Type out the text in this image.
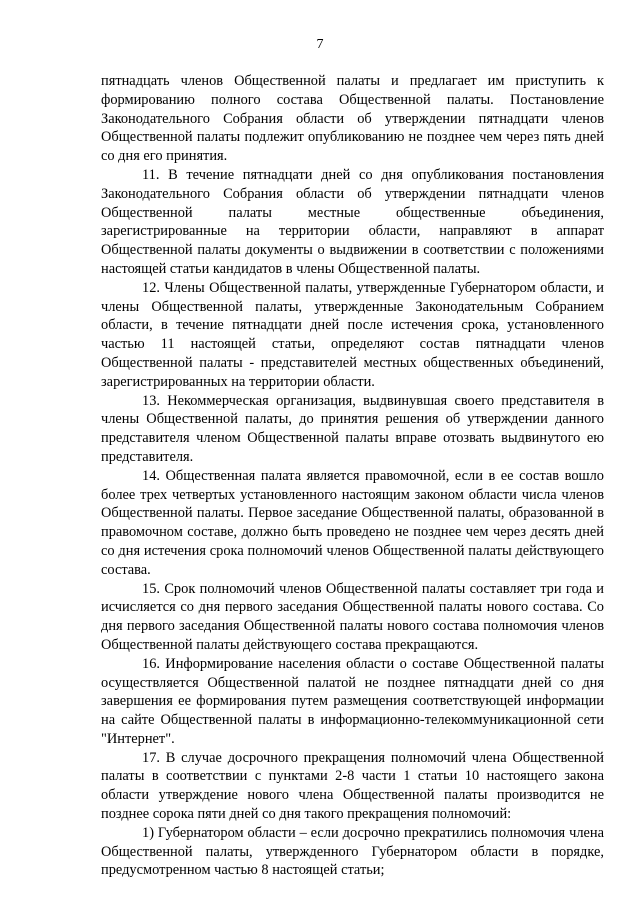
7

пятнадцать членов Общественной палаты и предлагает им приступить к формированию полного состава Общественной палаты. Постановление Законодательного Собрания области об утверждении пятнадцати членов Общественной палаты подлежит опубликованию не позднее чем через пять дней со дня его принятия.

11. В течение пятнадцати дней со дня опубликования постановления Законодательного Собрания области об утверждении пятнадцати членов Общественной палаты местные общественные объединения, зарегистрированные на территории области, направляют в аппарат Общественной палаты документы о выдвижении в соответствии с положениями настоящей статьи кандидатов в члены Общественной палаты.

12. Члены Общественной палаты, утвержденные Губернатором области, и члены Общественной палаты, утвержденные Законодательным Собранием области, в течение пятнадцати дней после истечения срока, установленного частью 11 настоящей статьи, определяют состав пятнадцати членов Общественной палаты - представителей местных общественных объединений, зарегистрированных на территории области.

13. Некоммерческая организация, выдвинувшая своего представителя в члены Общественной палаты, до принятия решения об утверждении данного представителя членом Общественной палаты вправе отозвать выдвинутого ею представителя.

14. Общественная палата является правомочной, если в ее состав вошло более трех четвертых установленного настоящим законом области числа членов Общественной палаты. Первое заседание Общественной палаты, образованной в правомочном составе, должно быть проведено не позднее чем через десять дней со дня истечения срока полномочий членов Общественной палаты действующего состава.

15. Срок полномочий членов Общественной палаты составляет три года и исчисляется со дня первого заседания Общественной палаты нового состава. Со дня первого заседания Общественной палаты нового состава полномочия членов Общественной палаты действующего состава прекращаются.

16. Информирование населения области о составе Общественной палаты осуществляется Общественной палатой не позднее пятнадцати дней со дня завершения ее формирования путем размещения соответствующей информации на сайте Общественной палаты в информационно-телекоммуникационной сети "Интернет".

17. В случае досрочного прекращения полномочий члена Общественной палаты в соответствии с пунктами 2-8 части 1 статьи 10 настоящего закона области утверждение нового члена Общественной палаты производится не позднее сорока пяти дней со дня такого прекращения полномочий:

1) Губернатором области – если досрочно прекратились полномочия члена Общественной палаты, утвержденного Губернатором области в порядке, предусмотренном частью 8 настоящей статьи;
